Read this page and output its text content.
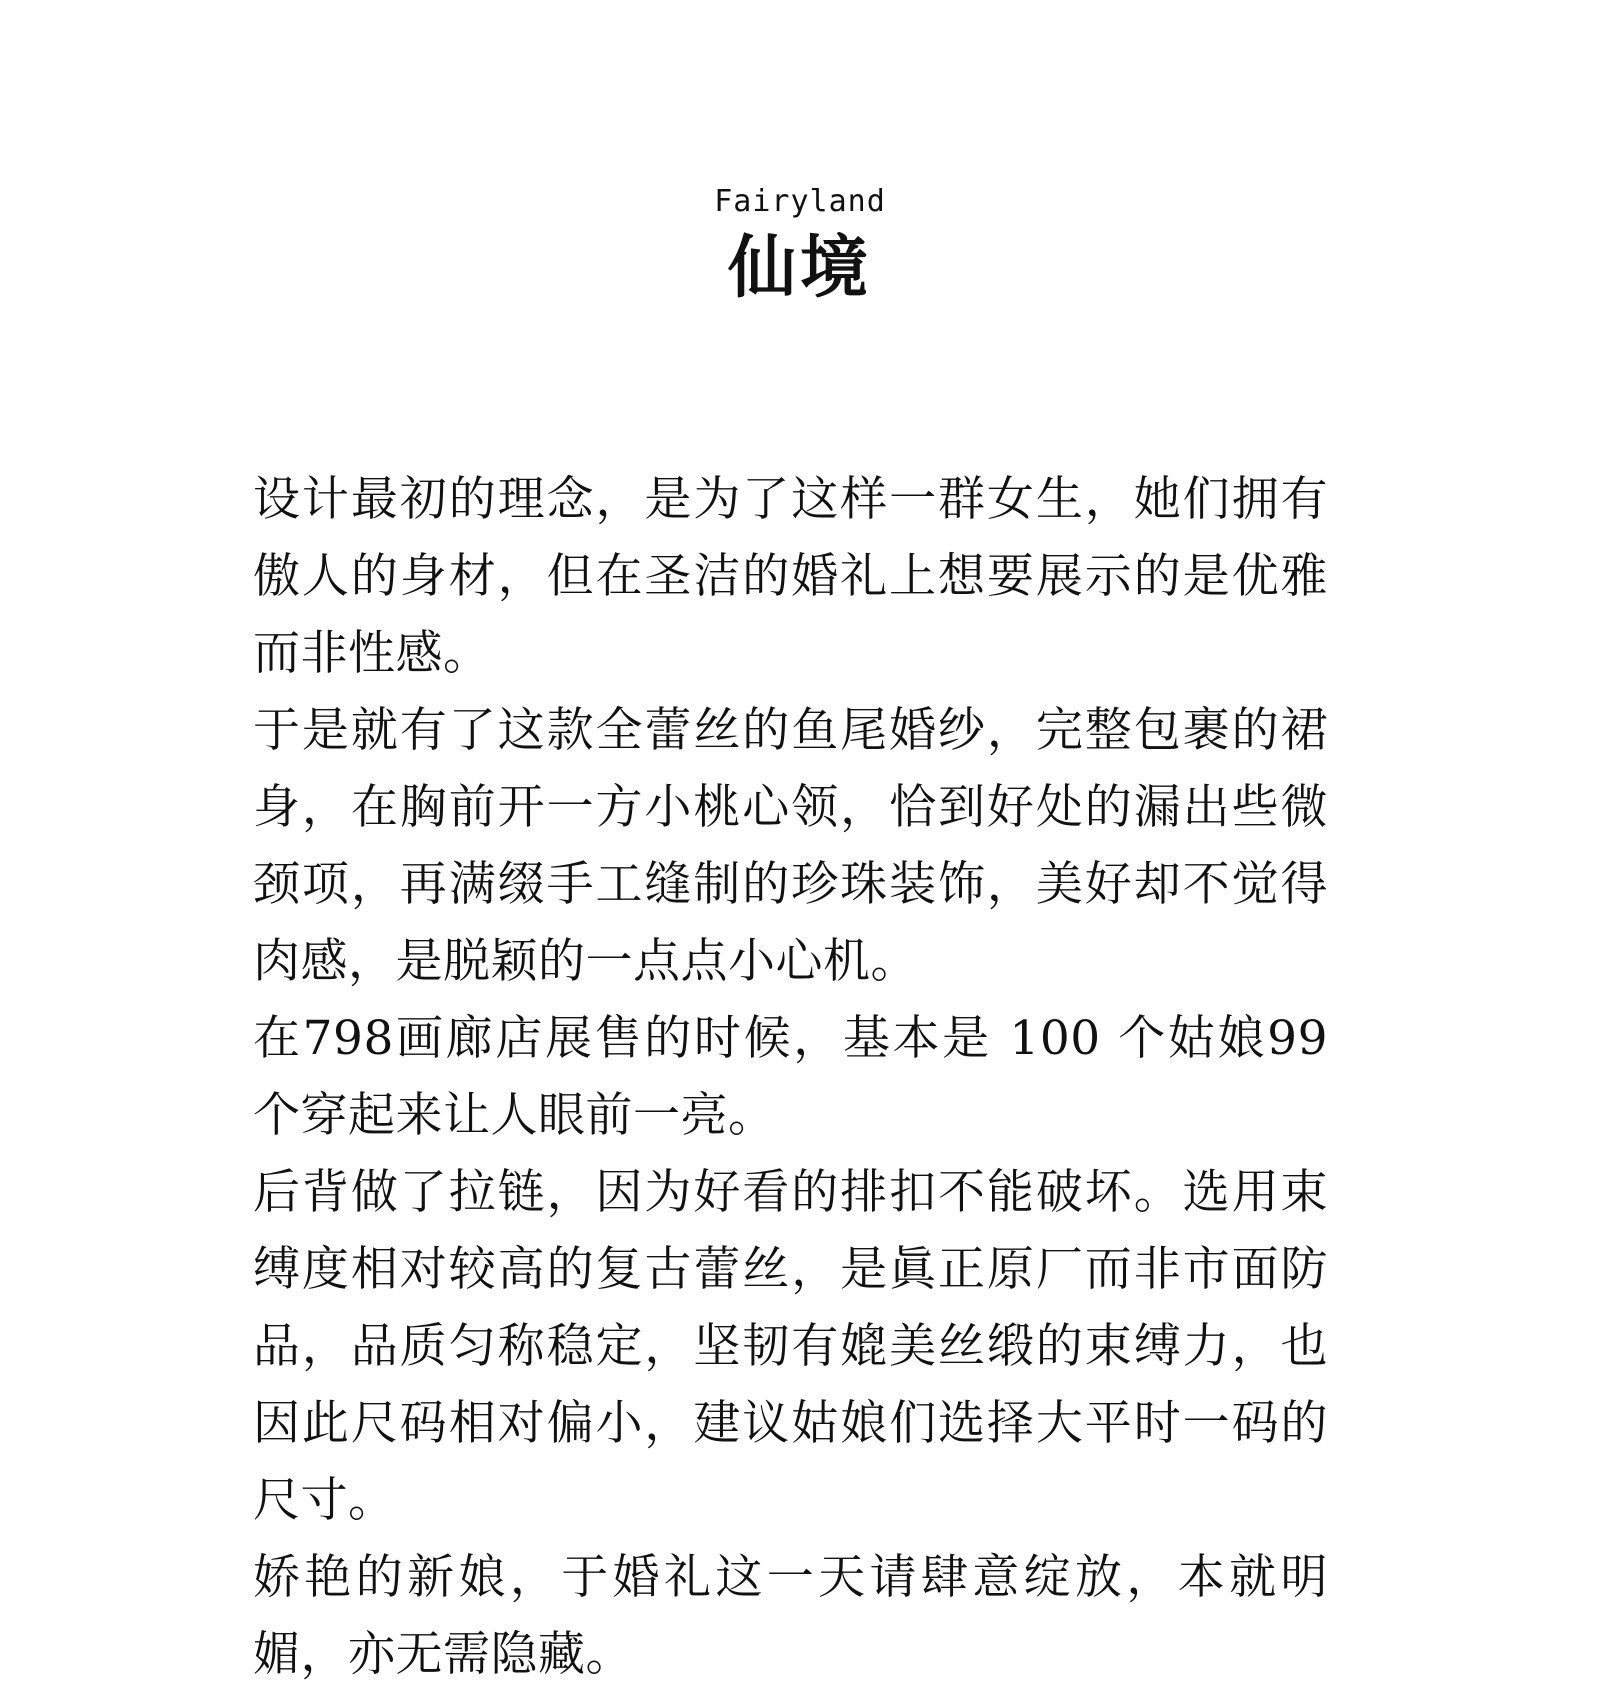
Fairyland

仙境

设计最初的理念，是为了这样一群女生，她们拥有傲人的身材，但在圣洁的婚礼上想要展示的是优雅而非性感。

于是就有了这款全蕾丝的鱼尾婚纱，完整包裹的裙身，在胸前开一方小桃心领，恰到好处的漏出些微颈项，再满缀手工缝制的珍珠装饰，美好却不觉得肉感，是脱颖的一点点小心机。

在798画廊店展售的时候，基本是 100 个姑娘99个穿起来让人眼前一亮。

后背做了拉链，因为好看的排扣不能破坏。选用束缚度相对较高的复古蕾丝，是眞正原厂而非市面防品，品质匀称稳定，坚韧有媲美丝缎的束缚力，也因此尺码相对偏小，建议姑娘们选择大平时一码的尺寸。

娇艳的新娘，于婚礼这一天请肆意绽放，本就明媚，亦无需隐藏。
